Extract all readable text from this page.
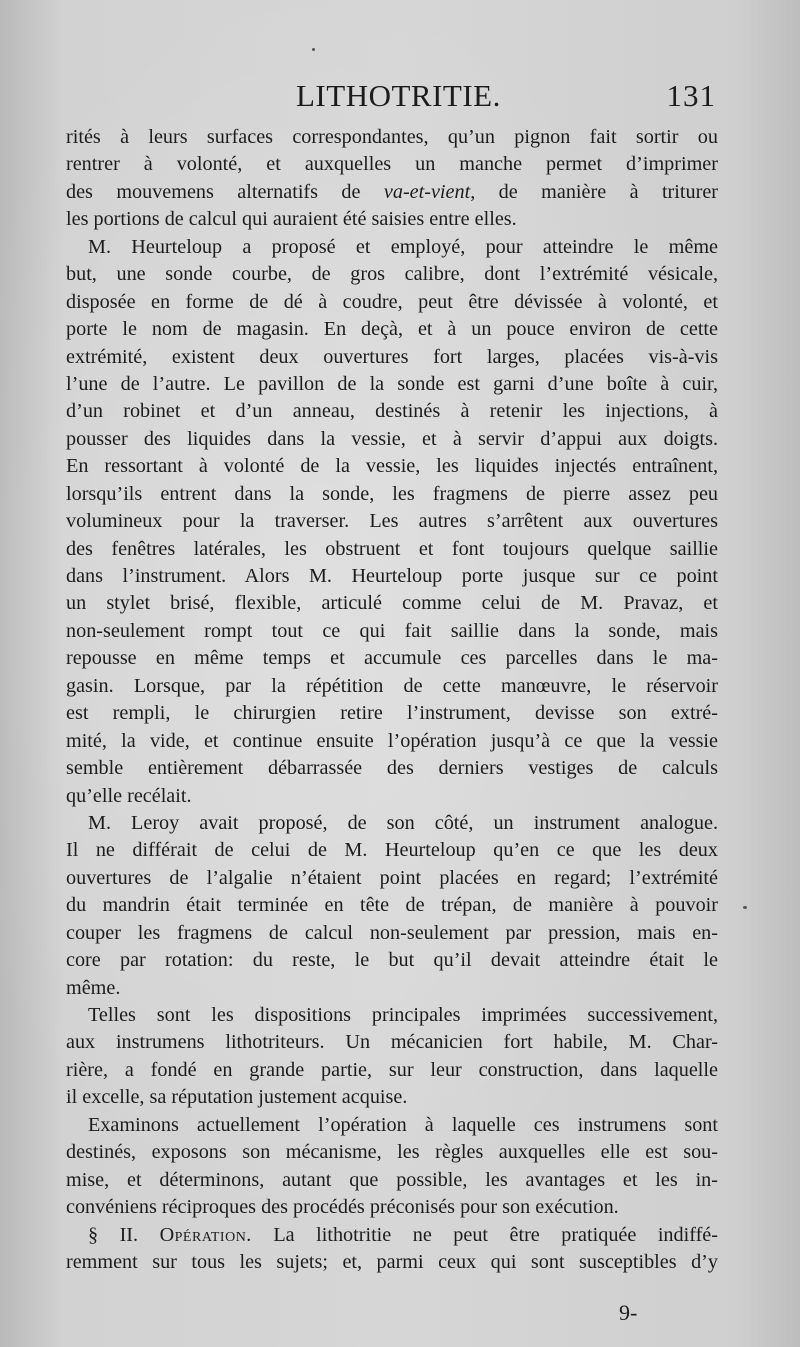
LITHOTRITIE.	131
rités à leurs surfaces correspondantes, qu’un pignon fait sortir ou
rentrer à volonté, et auxquelles un manche permet d’imprimer
des mouvemens alternatifs de va-et-vient, de manière à triturer
les portions de calcul qui auraient été saisies entre elles.
M. Heurteloup a proposé et employé, pour atteindre le même
but, une sonde courbe, de gros calibre, dont l’extrémité vésicale,
disposée en forme de dé à coudre, peut être dévissée à volonté, et
porte le nom de magasin. En deçà, et à un pouce environ de cette
extrémité, existent deux ouvertures fort larges, placées vis-à-vis
l’une de l’autre. Le pavillon de la sonde est garni d’une boîte à cuir,
d’un robinet et d’un anneau, destinés à retenir les injections, à
pousser des liquides dans la vessie, et à servir d’appui aux doigts.
En ressortant à volonté de la vessie, les liquides injectés entraînent,
lorsqu’ils entrent dans la sonde, les fragmens de pierre assez peu
volumineux pour la traverser. Les autres s’arrêtent aux ouvertures
des fenêtres latérales, les obstruent et font toujours quelque saillie
dans l’instrument. Alors M. Heurteloup porte jusque sur ce point
un stylet brisé, flexible, articulé comme celui de M. Pravaz, et
non-seulement rompt tout ce qui fait saillie dans la sonde, mais
repousse en même temps et accumule ces parcelles dans le ma-
gasin. Lorsque, par la répétition de cette manœuvre, le réservoir
est rempli, le chirurgien retire l’instrument, devisse son extré-
mité, la vide, et continue ensuite l’opération jusqu’à ce que la vessie
semble entièrement débarrassée des derniers vestiges de calculs
qu’elle recélait.
M. Leroy avait proposé, de son côté, un instrument analogue.
Il ne différait de celui de M. Heurteloup qu’en ce que les deux
ouvertures de l’algalie n’étaient point placées en regard; l’extrémité
du mandrin était terminée en tête de trépan, de manière à pouvoir
couper les fragmens de calcul non-seulement par pression, mais en-
core par rotation: du reste, le but qu’il devait atteindre était le
même.
Telles sont les dispositions principales imprimées successivement,
aux instrumens lithotriteurs. Un mécanicien fort habile, M. Char-
rière, a fondé en grande partie, sur leur construction, dans laquelle
il excelle, sa réputation justement acquise.
Examinons actuellement l’opération à laquelle ces instrumens sont
destinés, exposons son mécanisme, les règles auxquelles elle est sou-
mise, et déterminons, autant que possible, les avantages et les in-
convéniens réciproques des procédés préconisés pour son exécution.
§ II. Opération. La lithotritie ne peut être pratiquée indiffé-
remment sur tous les sujets; et, parmi ceux qui sont susceptibles d’y
9-
